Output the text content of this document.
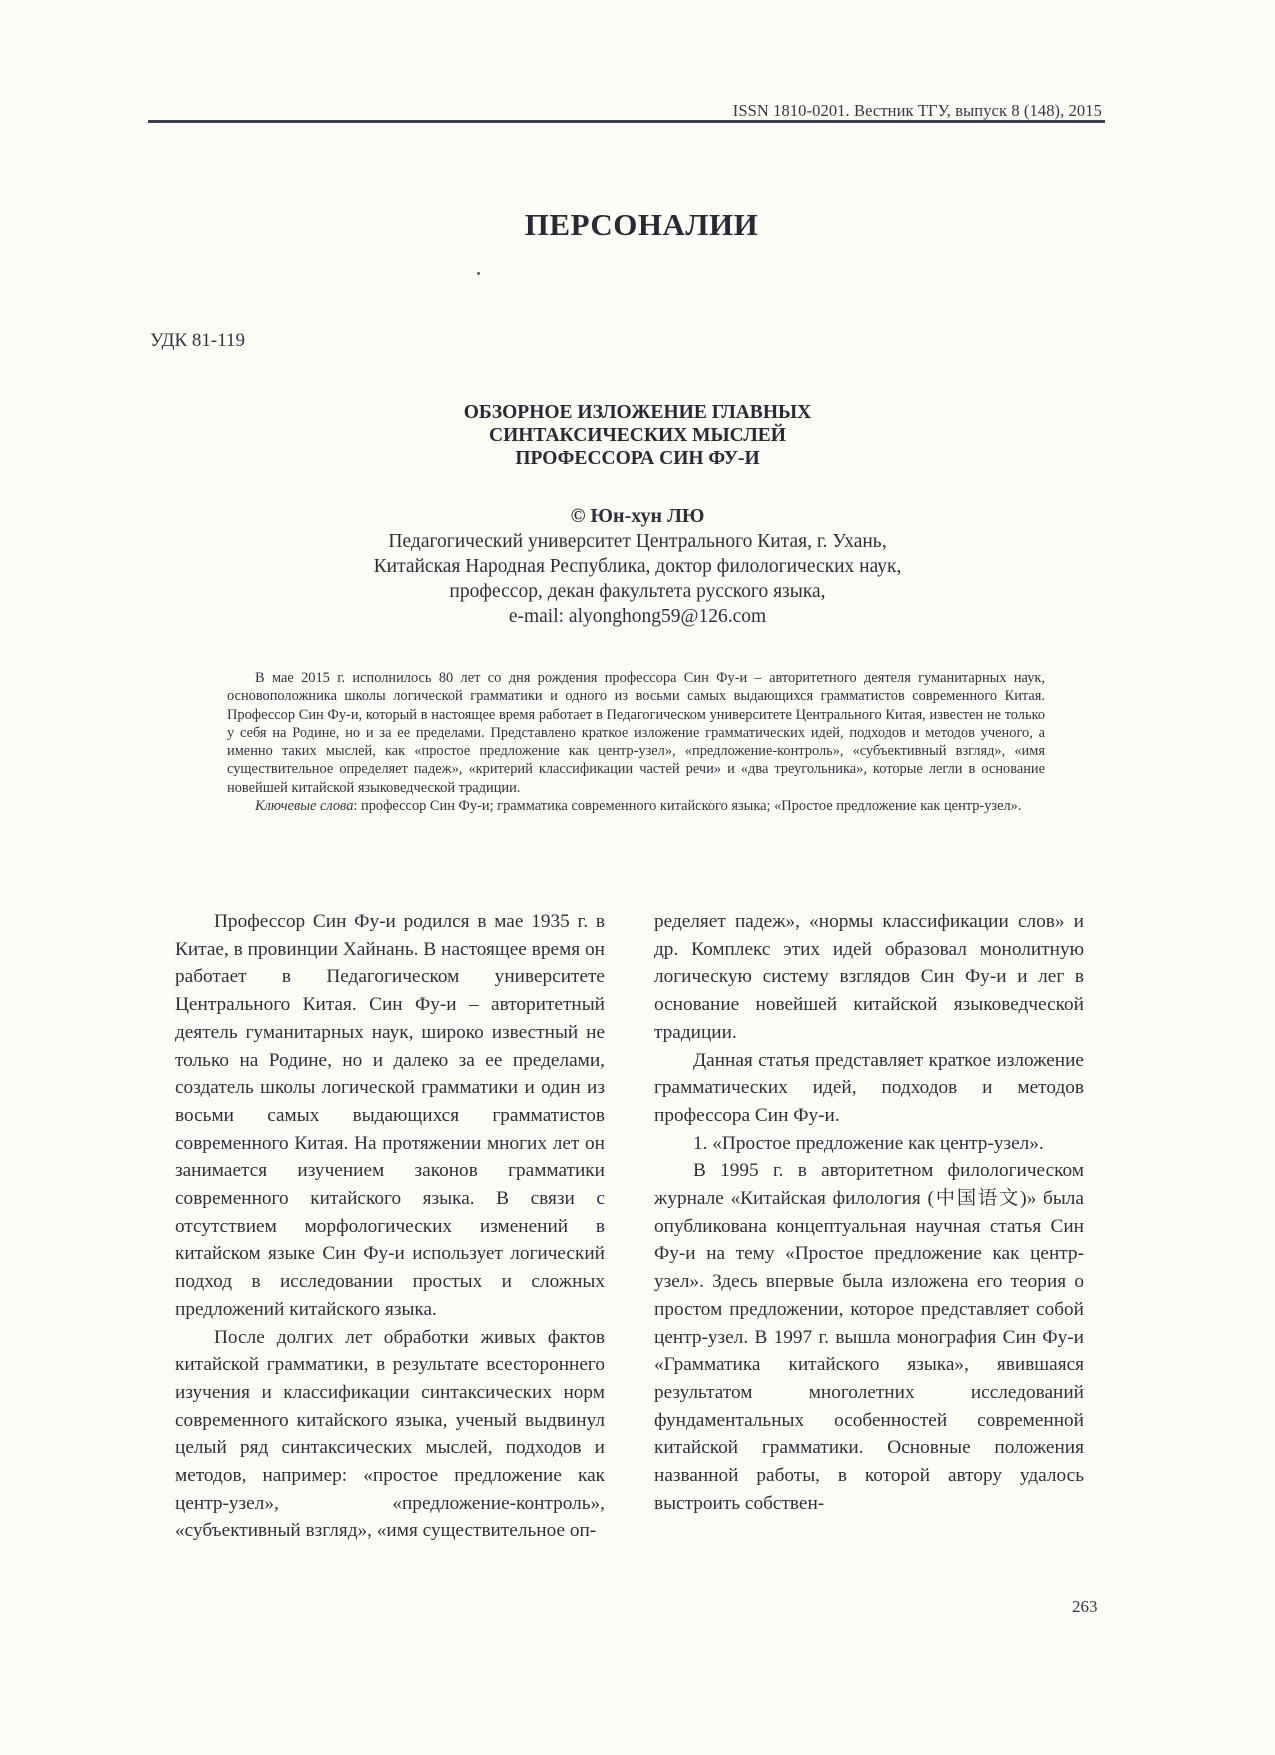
ISSN 1810-0201. Вестник ТГУ, выпуск 8 (148), 2015
ПЕРСОНАЛИИ
УДК 81-119
ОБЗОРНОЕ ИЗЛОЖЕНИЕ ГЛАВНЫХ
СИНТАКСИЧЕСКИХ МЫСЛЕЙ
ПРОФЕССОРА СИН ФУ-И
© Юн-хун ЛЮ
Педагогический университет Центрального Китая, г. Ухань,
Китайская Народная Республика, доктор филологических наук,
профессор, декан факультета русского языка,
e-mail: alyonghong59@126.com

В мае 2015 г. исполнилось 80 лет со дня рождения профессора Син Фу-и – авторитетного деятеля гуманитарных наук, основоположника школы логической грамматики и одного из восьми самых выдающихся грамматистов современного Китая. Профессор Син Фу-и, который в настоящее время работает в Педагогическом университете Центрального Китая, известен не только у себя на Родине, но и за ее пределами. Представлено краткое изложение грамматических идей, подходов и методов ученого, а именно таких мыслей, как «простое предложение как центр-узел», «предложение-контроль», «субъективный взгляд», «имя существительное определяет падеж», «критерий классификации частей речи» и «два треугольника», которые легли в основание новейшей китайской языковедческой традиции.

Ключевые слова: профессор Син Фу-и; грамматика современного китайского языка; «Простое предложение как центр-узел».

Профессор Син Фу-и родился в мае 1935 г. в Китае, в провинции Хайнань. В настоящее время он работает в Педагогическом университете Центрального Китая. Син Фу-и – авторитетный деятель гуманитарных наук, широко известный не только на Родине, но и далеко за ее пределами, создатель школы логической грамматики и один из восьми самых выдающихся грамматистов современного Китая. На протяжении многих лет он занимается изучением законов грамматики современного китайского языка. В связи с отсутствием морфологических изменений в китайском языке Син Фу-и использует логический подход в исследовании простых и сложных предложений китайского языка.

После долгих лет обработки живых фактов китайской грамматики, в результате всестороннего изучения и классификации синтаксических норм современного китайского языка, ученый выдвинул целый ряд синтаксических мыслей, подходов и методов, например: «простое предложение как центр-узел», «предложение-контроль», «субъективный взгляд», «имя существительное оп-

ределяет падеж», «нормы классификации слов» и др. Комплекс этих идей образовал монолитную логическую систему взглядов Син Фу-и и лег в основание новейшей китайской языковедческой традиции.

Данная статья представляет краткое изложение грамматических идей, подходов и методов профессора Син Фу-и.

1. «Простое предложение как центр-узел».

В 1995 г. в авторитетном филологическом журнале «Китайская филология (中国语文)» была опубликована концептуальная научная статья Син Фу-и на тему «Простое предложение как центр-узел». Здесь впервые была изложена его теория о простом предложении, которое представляет собой центр-узел. В 1997 г. вышла монография Син Фу-и «Грамматика китайского языка», явившаяся результатом многолетних исследований фундаментальных особенностей современной китайской грамматики. Основные положения названной работы, в которой автору удалось выстроить собствен-

263
